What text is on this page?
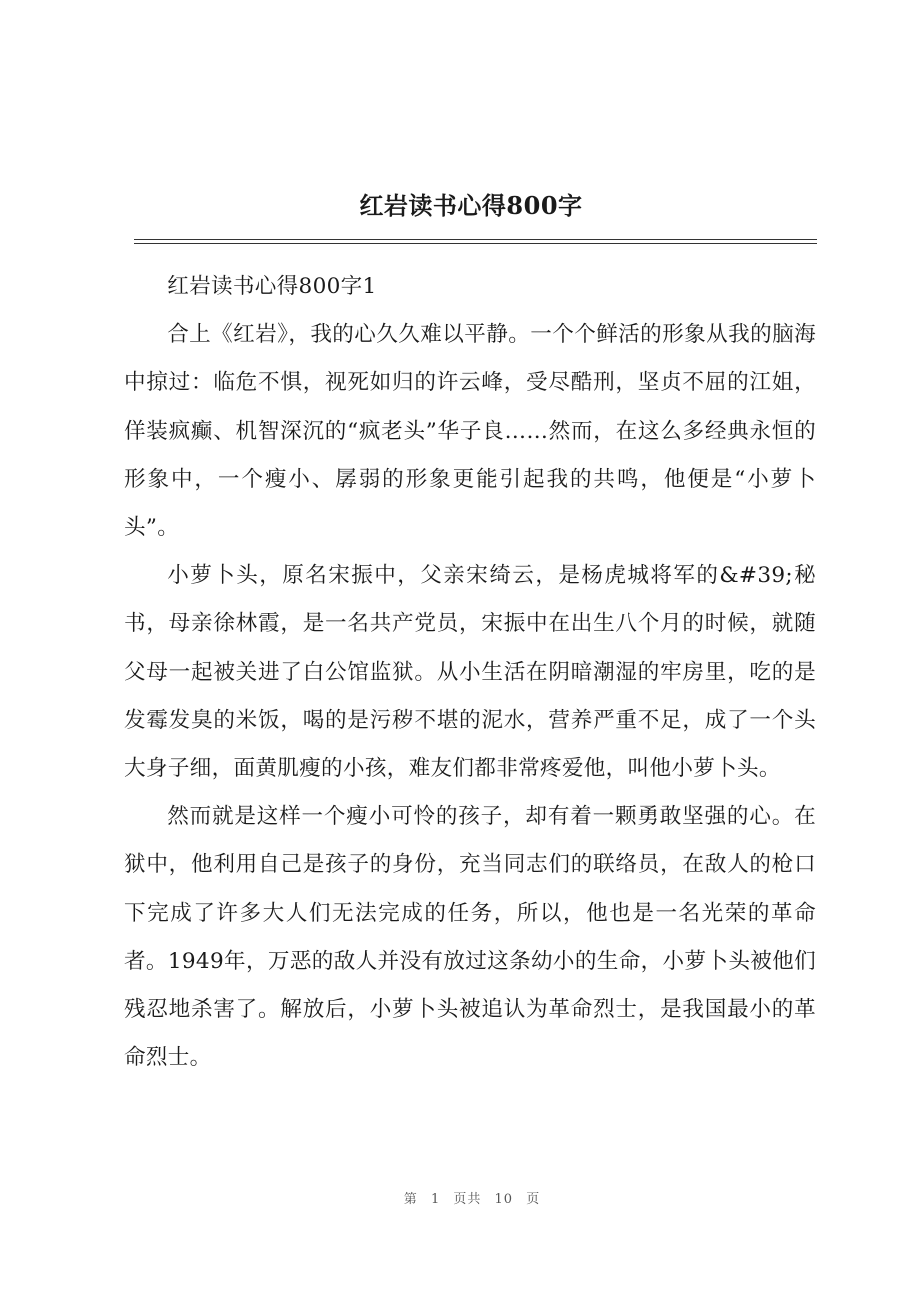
红岩读书心得800字

红岩读书心得800字1

合上《红岩》，我的心久久难以平静。一个个鲜活的形象从我的脑海中掠过：临危不惧，视死如归的许云峰，受尽酷刑，坚贞不屈的江姐，佯装疯癫、机智深沉的“疯老头”华子良……然而，在这么多经典永恒的形象中，一个瘦小、孱弱的形象更能引起我的共鸣，他便是“小萝卜头”。

小萝卜头，原名宋振中，父亲宋绮云，是杨虎城将军的&#39;秘书，母亲徐林霞，是一名共产党员，宋振中在出生八个月的时候，就随父母一起被关进了白公馆监狱。从小生活在阴暗潮湿的牢房里，吃的是发霉发臭的米饭，喝的是污秽不堪的泥水，营养严重不足，成了一个头大身子细，面黄肌瘦的小孩，难友们都非常疼爱他，叫他小萝卜头。

然而就是这样一个瘦小可怜的孩子，却有着一颗勇敢坚强的心。在狱中，他利用自己是孩子的身份，充当同志们的联络员，在敌人的枪口下完成了许多大人们无法完成的任务，所以，他也是一名光荣的革命者。1949年，万恶的敌人并没有放过这条幼小的生命，小萝卜头被他们残忍地杀害了。解放后，小萝卜头被追认为革命烈士，是我国最小的革命烈士。

第 1 页共 10 页
